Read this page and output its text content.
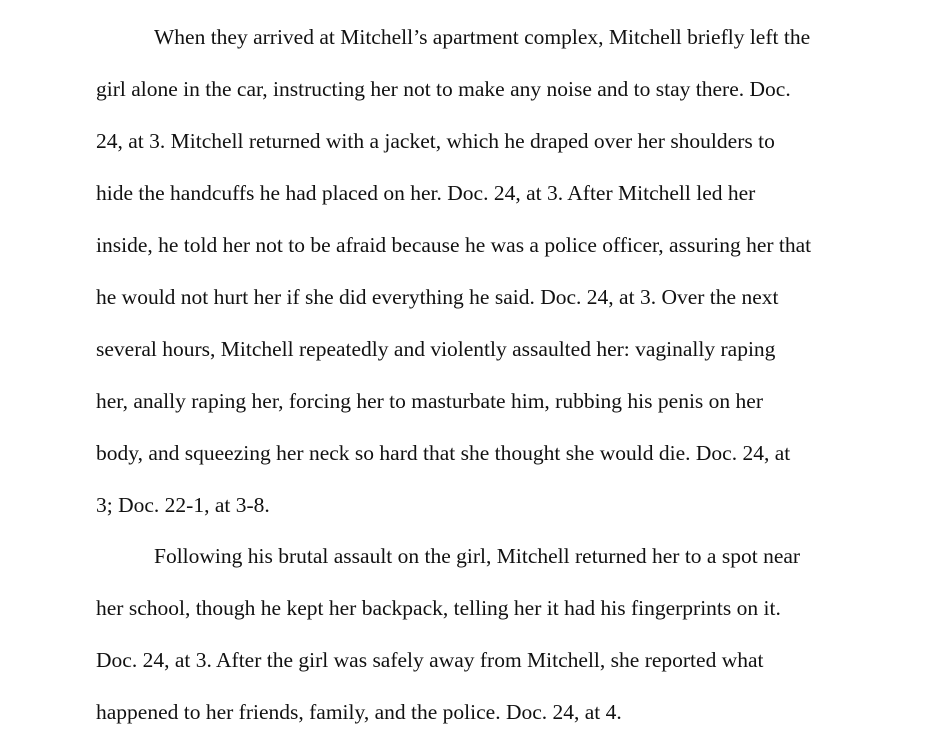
When they arrived at Mitchell’s apartment complex, Mitchell briefly left the
girl alone in the car, instructing her not to make any noise and to stay there. Doc.
24, at 3. Mitchell returned with a jacket, which he draped over her shoulders to
hide the handcuffs he had placed on her. Doc. 24, at 3. After Mitchell led her
inside, he told her not to be afraid because he was a police officer, assuring her that
he would not hurt her if she did everything he said. Doc. 24, at 3. Over the next
several hours, Mitchell repeatedly and violently assaulted her: vaginally raping
her, anally raping her, forcing her to masturbate him, rubbing his penis on her
body, and squeezing her neck so hard that she thought she would die. Doc. 24, at
3; Doc. 22-1, at 3-8.
Following his brutal assault on the girl, Mitchell returned her to a spot near
her school, though he kept her backpack, telling her it had his fingerprints on it.
Doc. 24, at 3. After the girl was safely away from Mitchell, she reported what
happened to her friends, family, and the police. Doc. 24, at 4.
